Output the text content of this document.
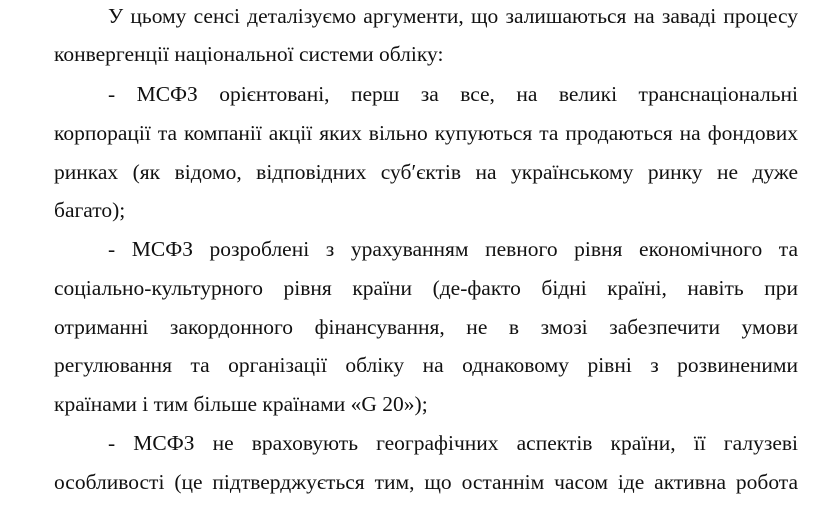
У цьому сенсі деталізуємо аргументи, що залишаються на заваді процесу
конвергенції національної системи обліку:
- МСФЗ орієнтовані, перш за все, на великі транснаціональні
корпорації та компанії акції яких вільно купуються та продаються на фондових
ринках (як відомо, відповідних суб′єктів на українському ринку не дуже
багато);
- МСФЗ розроблені з урахуванням певного рівня економічного та
соціально-культурного рівня країни (де-факто бідні країні, навіть при
отриманні закордонного фінансування, не в змозі забезпечити умови
регулювання та організації обліку на однаковому рівні з розвиненими
країнами і тим більше країнами «G 20»);
- МСФЗ не враховують географічних аспектів країни, її галузеві
особливості (це підтверджується тим, що останнім часом іде активна робота
